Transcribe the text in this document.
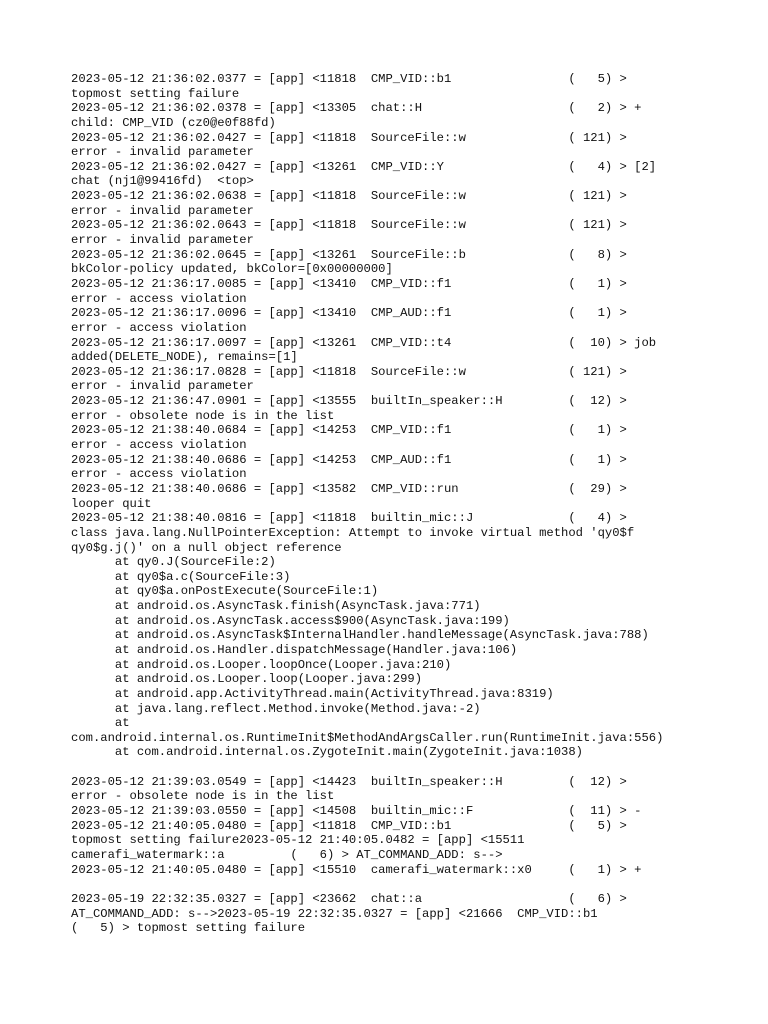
2023-05-12 21:36:02.0377 = [app] <11818  CMP_VID::b1                (   5) >
topmost setting failure
2023-05-12 21:36:02.0378 = [app] <13305  chat::H                    (   2) > +
child: CMP_VID (cz0@e0f88fd)
2023-05-12 21:36:02.0427 = [app] <11818  SourceFile::w              ( 121) >
error - invalid parameter
2023-05-12 21:36:02.0427 = [app] <13261  CMP_VID::Y                 (   4) > [2]
chat (nj1@99416fd)  <top>
2023-05-12 21:36:02.0638 = [app] <11818  SourceFile::w              ( 121) >
error - invalid parameter
2023-05-12 21:36:02.0643 = [app] <11818  SourceFile::w              ( 121) >
error - invalid parameter
2023-05-12 21:36:02.0645 = [app] <13261  SourceFile::b              (   8) >
bkColor-policy updated, bkColor=[0x00000000]
2023-05-12 21:36:17.0085 = [app] <13410  CMP_VID::f1                (   1) >
error - access violation
2023-05-12 21:36:17.0096 = [app] <13410  CMP_AUD::f1                (   1) >
error - access violation
2023-05-12 21:36:17.0097 = [app] <13261  CMP_VID::t4                (  10) > job
added(DELETE_NODE), remains=[1]
2023-05-12 21:36:17.0828 = [app] <11818  SourceFile::w              ( 121) >
error - invalid parameter
2023-05-12 21:36:47.0901 = [app] <13555  builtIn_speaker::H         (  12) >
error - obsolete node is in the list
2023-05-12 21:38:40.0684 = [app] <14253  CMP_VID::f1                (   1) >
error - access violation
2023-05-12 21:38:40.0686 = [app] <14253  CMP_AUD::f1                (   1) >
error - access violation
2023-05-12 21:38:40.0686 = [app] <13582  CMP_VID::run               (  29) >
looper quit
2023-05-12 21:38:40.0816 = [app] <11818  builtin_mic::J             (   4) >
class java.lang.NullPointerException: Attempt to invoke virtual method 'qy0$f
qy0$g.j()' on a null object reference
at qy0.J(SourceFile:2)
at qy0$a.c(SourceFile:3)
at qy0$a.onPostExecute(SourceFile:1)
at android.os.AsyncTask.finish(AsyncTask.java:771)
at android.os.AsyncTask.access$900(AsyncTask.java:199)
at android.os.AsyncTask$InternalHandler.handleMessage(AsyncTask.java:788)
at android.os.Handler.dispatchMessage(Handler.java:106)
at android.os.Looper.loopOnce(Looper.java:210)
at android.os.Looper.loop(Looper.java:299)
at android.app.ActivityThread.main(ActivityThread.java:8319)
at java.lang.reflect.Method.invoke(Method.java:-2)
at
com.android.internal.os.RuntimeInit$MethodAndArgsCaller.run(RuntimeInit.java:556)
at com.android.internal.os.ZygoteInit.main(ZygoteInit.java:1038)
2023-05-12 21:39:03.0549 = [app] <14423  builtIn_speaker::H         (  12) >
error - obsolete node is in the list
2023-05-12 21:39:03.0550 = [app] <14508  builtin_mic::F             (  11) > -
2023-05-12 21:40:05.0480 = [app] <11818  CMP_VID::b1                (   5) >
topmost setting failure2023-05-12 21:40:05.0482 = [app] <15511
camerafi_watermark::a         (   6) > AT_COMMAND_ADD: s-->
2023-05-12 21:40:05.0480 = [app] <15510  camerafi_watermark::x0     (   1) > +
2023-05-19 22:32:35.0327 = [app] <23662  chat::a                    (   6) >
AT_COMMAND_ADD: s-->2023-05-19 22:32:35.0327 = [app] <21666  CMP_VID::b1
(   5) > topmost setting failure
